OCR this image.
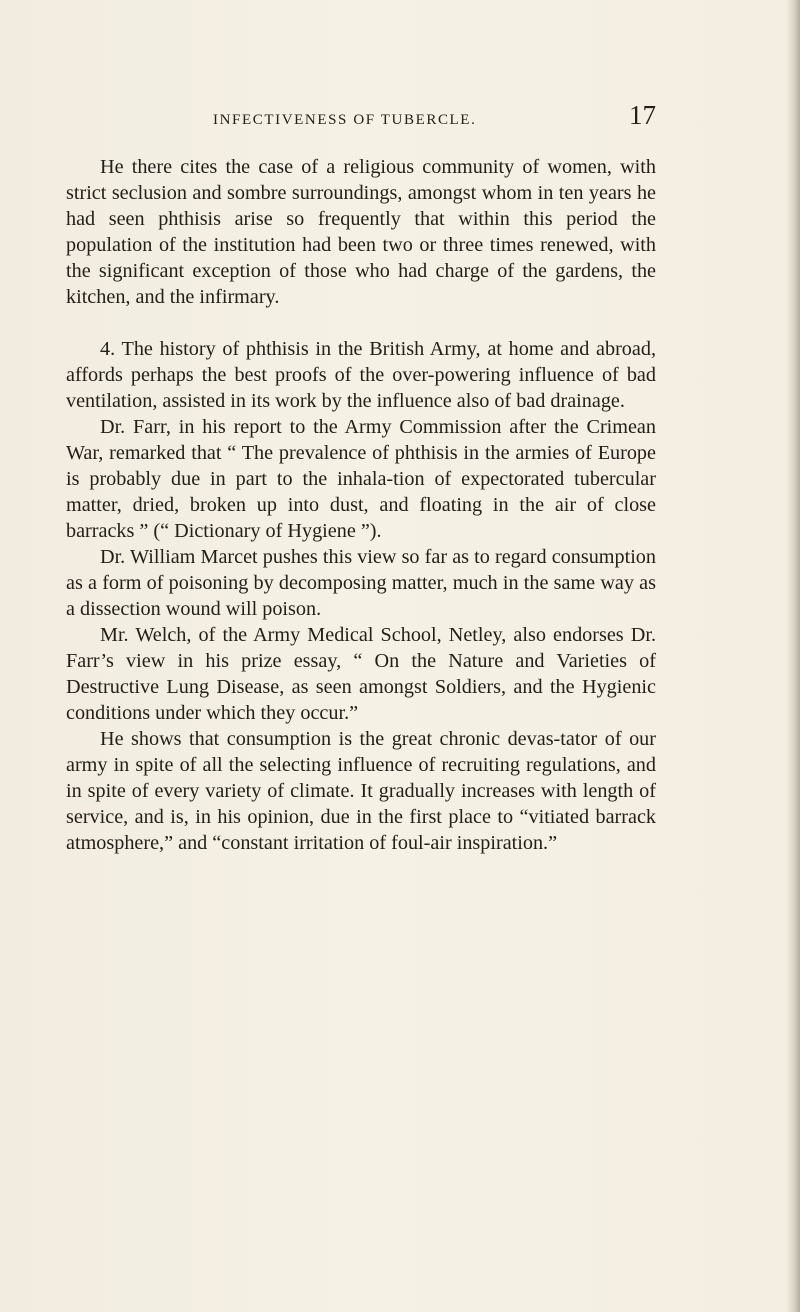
INFECTIVENESS OF TUBERCLE.	17

He there cites the case of a religious community of women, with strict seclusion and sombre surroundings, amongst whom in ten years he had seen phthisis arise so frequently that within this period the population of the institution had been two or three times renewed, with the significant exception of those who had charge of the gardens, the kitchen, and the infirmary.

4. The history of phthisis in the British Army, at home and abroad, affords perhaps the best proofs of the over-powering influence of bad ventilation, assisted in its work by the influence also of bad drainage.

Dr. Farr, in his report to the Army Commission after the Crimean War, remarked that “ The prevalence of phthisis in the armies of Europe is probably due in part to the inhala-tion of expectorated tubercular matter, dried, broken up into dust, and floating in the air of close barracks ” (“ Dictionary of Hygiene ”).

Dr. William Marcet pushes this view so far as to regard consumption as a form of poisoning by decomposing matter, much in the same way as a dissection wound will poison.

Mr. Welch, of the Army Medical School, Netley, also endorses Dr. Farr’s view in his prize essay, “ On the Nature and Varieties of Destructive Lung Disease, as seen amongst Soldiers, and the Hygienic conditions under which they occur.”

He shows that consumption is the great chronic devas-tator of our army in spite of all the selecting influence of recruiting regulations, and in spite of every variety of climate. It gradually increases with length of service, and is, in his opinion, due in the first place to “vitiated barrack atmosphere,” and “constant irritation of foul-air inspiration.”
